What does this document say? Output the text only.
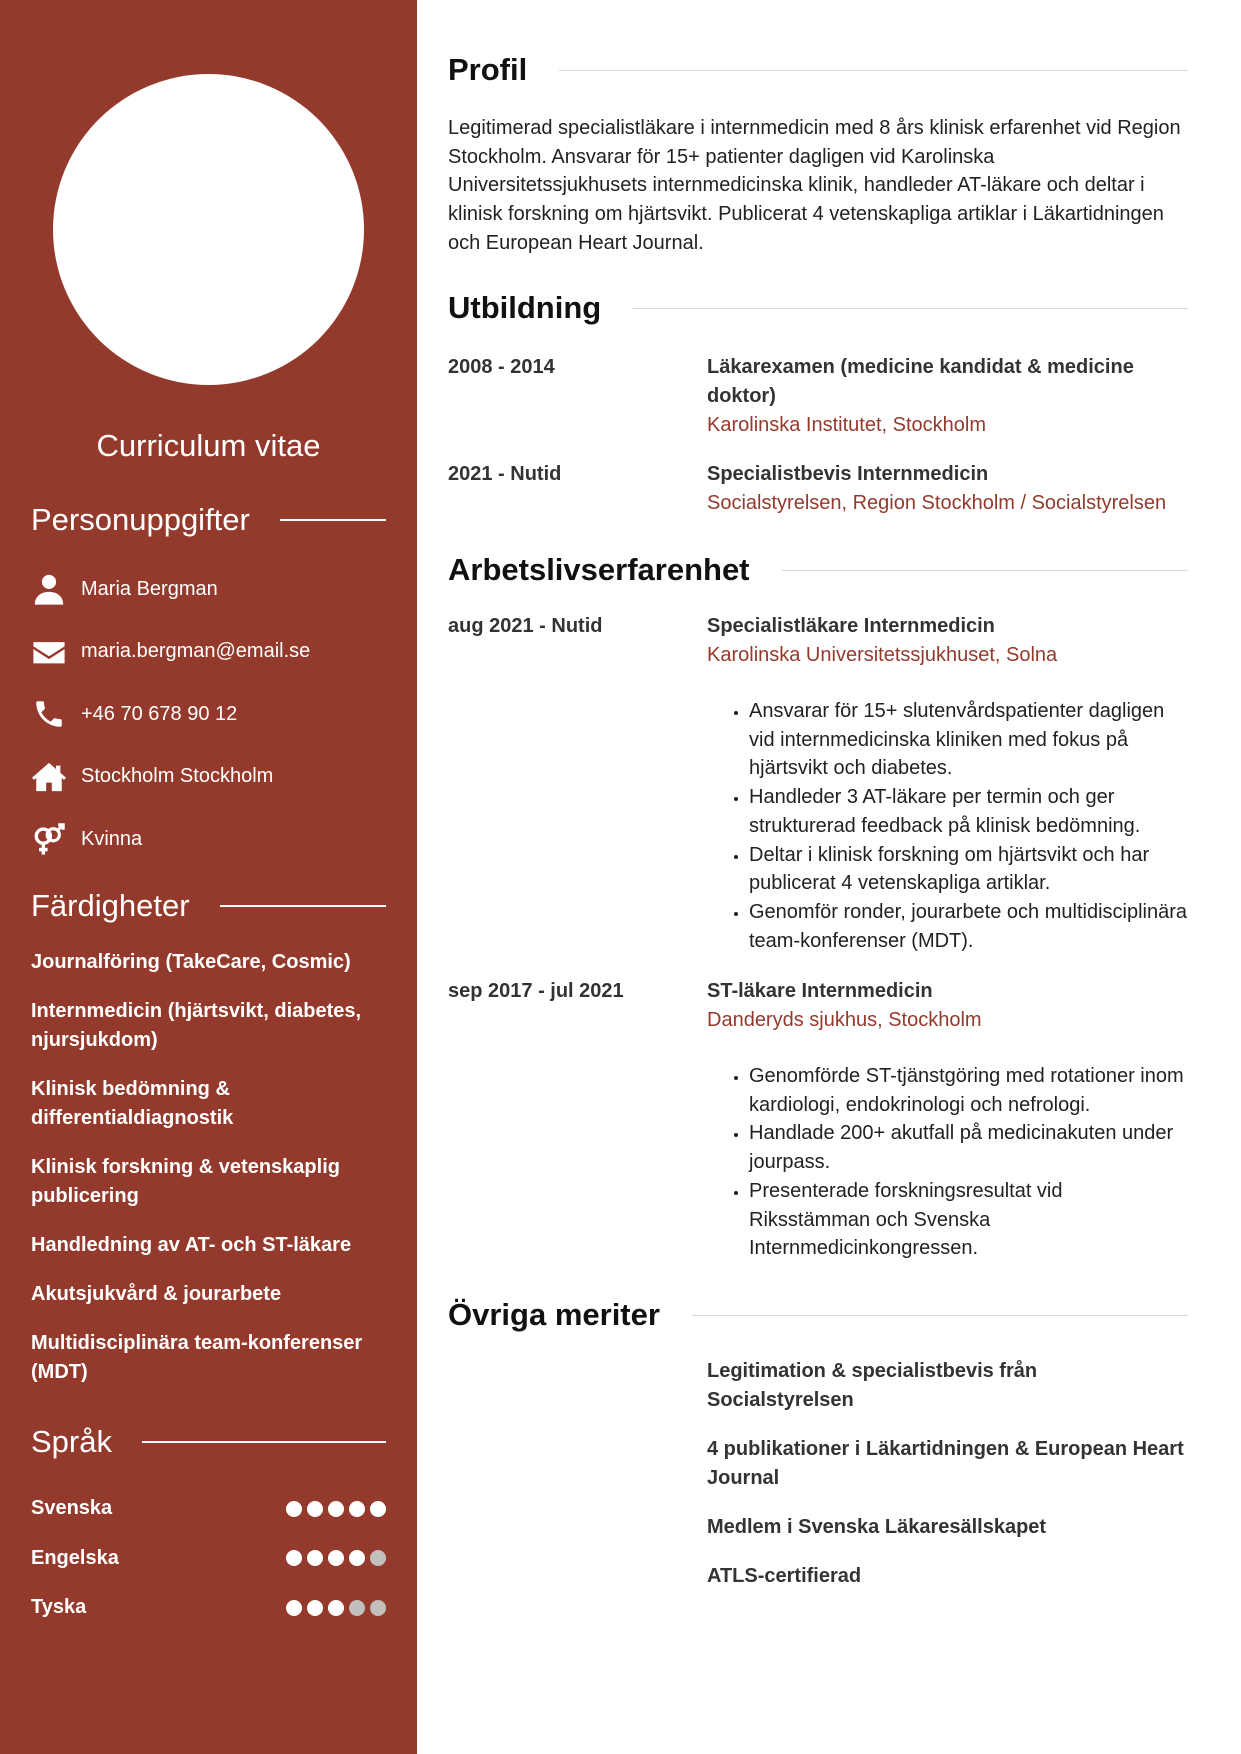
Curriculum vitae
Personuppgifter
Maria Bergman
maria.bergman@email.se
+46 70 678 90 12
Stockholm Stockholm
Kvinna
Färdigheter
Journalföring (TakeCare, Cosmic)
Internmedicin (hjärtsvikt, diabetes, njursjukdom)
Klinisk bedömning & differentialdiagnostik
Klinisk forskning & vetenskaplig publicering
Handledning av AT- och ST-läkare
Akutsjukvård & jourarbete
Multidisciplinära team-konferenser (MDT)
Språk
Svenska
Engelska
Tyska
Profil

Legitimerad specialistläkare i internmedicin med 8 års klinisk erfarenhet vid Region Stockholm. Ansvarar för 15+ patienter dagligen vid Karolinska Universitetssjukhusets internmedicinska klinik, handleder AT-läkare och deltar i klinisk forskning om hjärtsvikt. Publicerat 4 vetenskapliga artiklar i Läkartidningen och European Heart Journal.

Utbildning
2008 - 2014	Läkarexamen (medicine kandidat & medicine doktor)
Karolinska Institutet, Stockholm
2021 - Nutid	Specialistbevis Internmedicin
Socialstyrelsen, Region Stockholm / Socialstyrelsen
Arbetslivserfarenhet
aug 2021 - Nutid	Specialistläkare Internmedicin
Karolinska Universitetssjukhuset, Solna
• Ansvarar för 15+ slutenvårdspatienter dagligen vid internmedicinska kliniken med fokus på hjärtsvikt och diabetes.
• Handleder 3 AT-läkare per termin och ger strukturerad feedback på klinisk bedömning.
• Deltar i klinisk forskning om hjärtsvikt och har publicerat 4 vetenskapliga artiklar.
• Genomför ronder, jourarbete och multidisciplinära team-konferenser (MDT).
sep 2017 - jul 2021	ST-läkare Internmedicin
Danderyds sjukhus, Stockholm
• Genomförde ST-tjänstgöring med rotationer inom kardiologi, endokrinologi och nefrologi.
• Handlade 200+ akutfall på medicinakuten under jourpass.
• Presenterade forskningsresultat vid Riksstämman och Svenska Internmedicinkongressen.
Övriga meriter
Legitimation & specialistbevis från Socialstyrelsen
4 publikationer i Läkartidningen & European Heart Journal
Medlem i Svenska Läkaresällskapet
ATLS-certifierad
